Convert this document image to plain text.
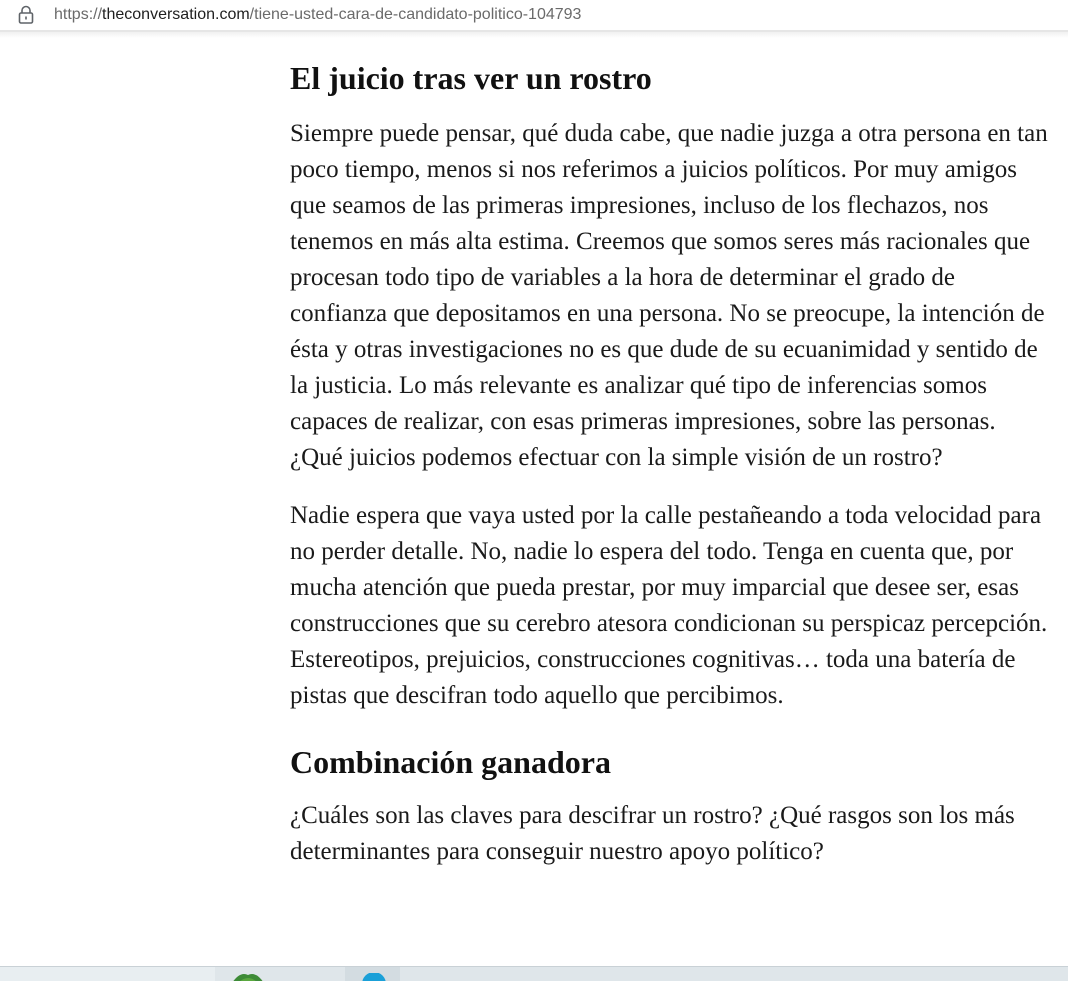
https://theconversation.com/tiene-usted-cara-de-candidato-politico-104793
El juicio tras ver un rostro

Siempre puede pensar, qué duda cabe, que nadie juzga a otra persona en tan poco tiempo, menos si nos referimos a juicios políticos. Por muy amigos que seamos de las primeras impresiones, incluso de los flechazos, nos tenemos en más alta estima. Creemos que somos seres más racionales que procesan todo tipo de variables a la hora de determinar el grado de confianza que depositamos en una persona. No se preocupe, la intención de ésta y otras investigaciones no es que dude de su ecuanimidad y sentido de la justicia. Lo más relevante es analizar qué tipo de inferencias somos capaces de realizar, con esas primeras impresiones, sobre las personas. ¿Qué juicios podemos efectuar con la simple visión de un rostro?

Nadie espera que vaya usted por la calle pestañeando a toda velocidad para no perder detalle. No, nadie lo espera del todo. Tenga en cuenta que, por mucha atención que pueda prestar, por muy imparcial que desee ser, esas construcciones que su cerebro atesora condicionan su perspicaz percepción. Estereotipos, prejuicios, construcciones cognitivas… toda una batería de pistas que descifran todo aquello que percibimos.

Combinación ganadora

¿Cuáles son las claves para descifrar un rostro? ¿Qué rasgos son los más determinantes para conseguir nuestro apoyo político?
